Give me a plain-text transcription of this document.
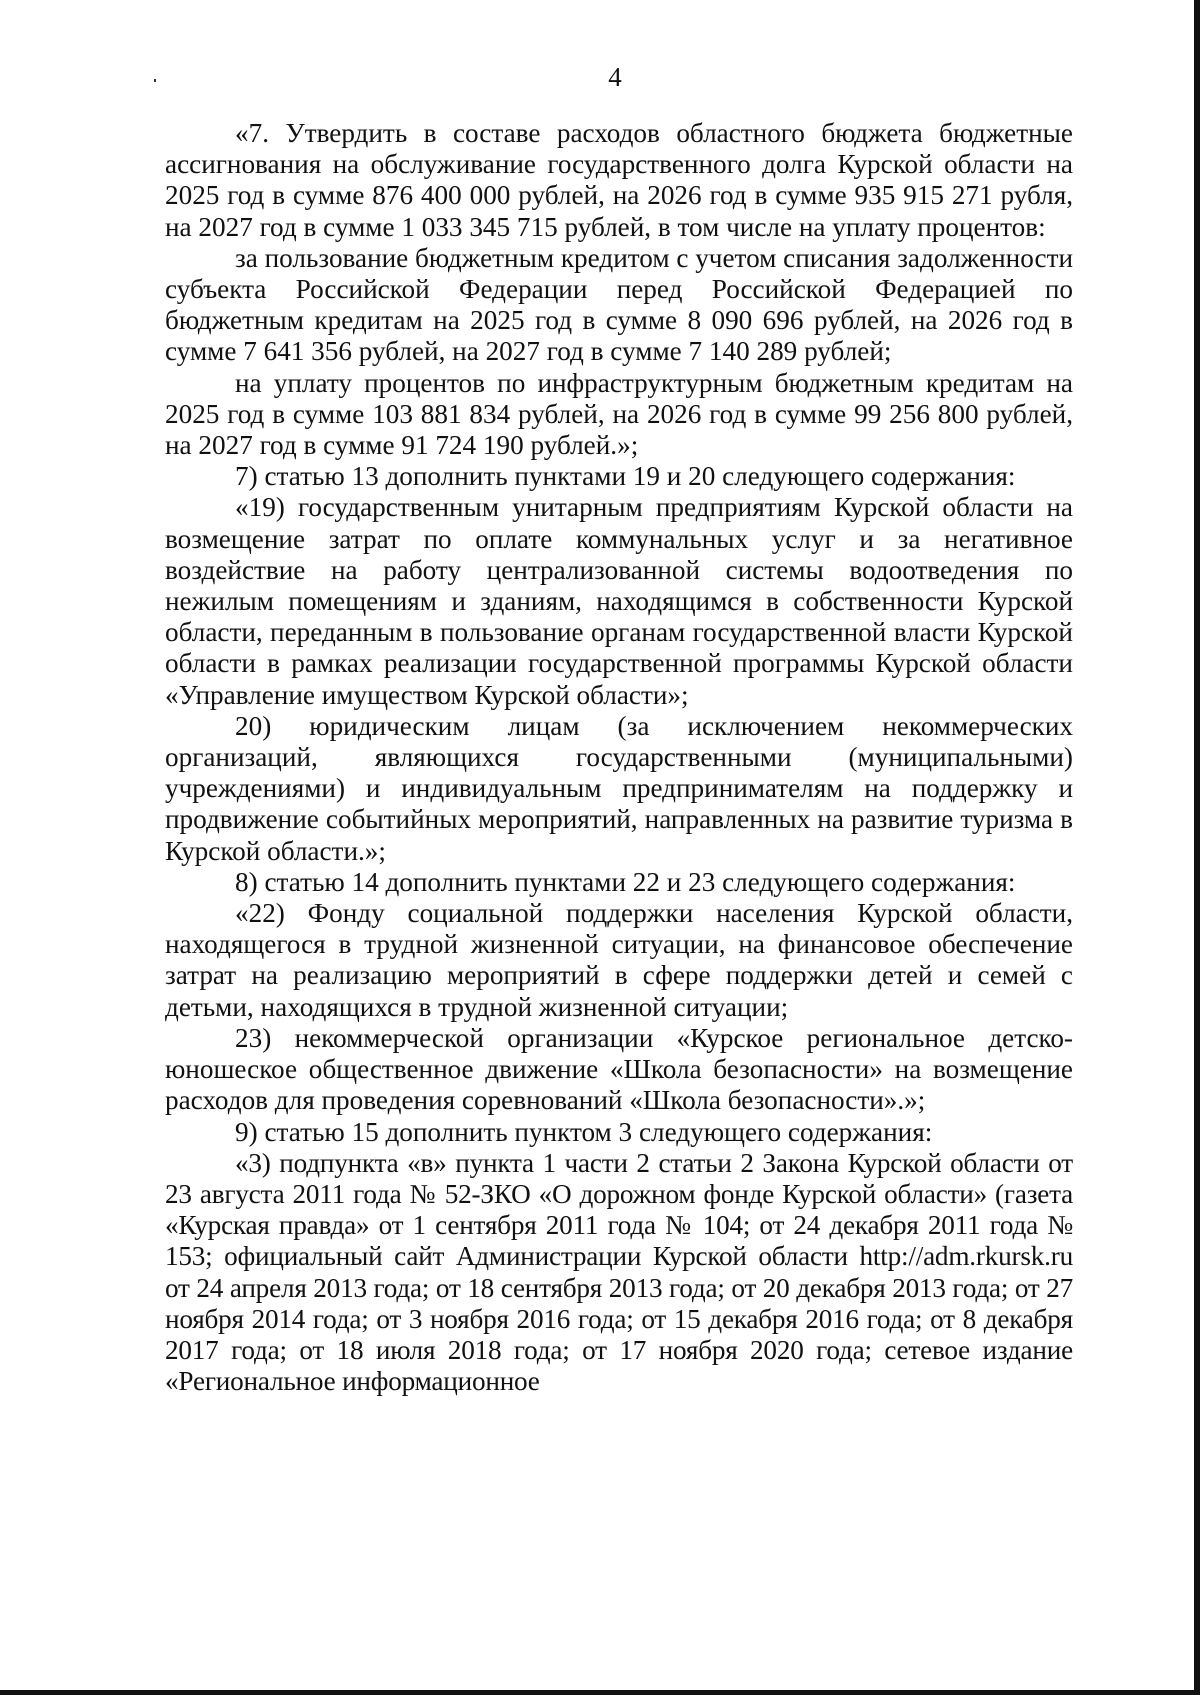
4

«7. Утвердить в составе расходов областного бюджета бюджетные ассигнования на обслуживание государственного долга Курской области на 2025 год в сумме 876 400 000 рублей, на 2026 год в сумме 935 915 271 рубля, на 2027 год в сумме 1 033 345 715 рублей, в том числе на уплату процентов:

за пользование бюджетным кредитом с учетом списания задолженности субъекта Российской Федерации перед Российской Федерацией по бюджетным кредитам на 2025 год в сумме 8 090 696 рублей, на 2026 год в сумме 7 641 356 рублей, на 2027 год в сумме 7 140 289 рублей;

на уплату процентов по инфраструктурным бюджетным кредитам на 2025 год в сумме 103 881 834 рублей, на 2026 год в сумме 99 256 800 рублей, на 2027 год в сумме 91 724 190 рублей.»;

7) статью 13 дополнить пунктами 19 и 20 следующего содержания:

«19) государственным унитарным предприятиям Курской области на возмещение затрат по оплате коммунальных услуг и за негативное воздействие на работу централизованной системы водоотведения по нежилым помещениям и зданиям, находящимся в собственности Курской области, переданным в пользование органам государственной власти Курской области в рамках реализации государственной программы Курской области «Управление имуществом Курской области»;

20) юридическим лицам (за исключением некоммерческих организаций, являющихся государственными (муниципальными) учреждениями) и индивидуальным предпринимателям на поддержку и продвижение событийных мероприятий, направленных на развитие туризма в Курской области.»;

8) статью 14 дополнить пунктами 22 и 23 следующего содержания:

«22) Фонду социальной поддержки населения Курской области, находящегося в трудной жизненной ситуации, на финансовое обеспечение затрат на реализацию мероприятий в сфере поддержки детей и семей с детьми, находящихся в трудной жизненной ситуации;

23) некоммерческой организации «Курское региональное детско-юношеское общественное движение «Школа безопасности» на возмещение расходов для проведения соревнований «Школа безопасности».»;

9) статью 15 дополнить пунктом 3 следующего содержания:

«3) подпункта «в» пункта 1 части 2 статьи 2 Закона Курской области от 23 августа 2011 года № 52-ЗКО «О дорожном фонде Курской области» (газета «Курская правда» от 1 сентября 2011 года № 104; от 24 декабря 2011 года № 153; официальный сайт Администрации Курской области http://adm.rkursk.ru от 24 апреля 2013 года; от 18 сентября 2013 года; от 20 декабря 2013 года; от 27 ноября 2014 года; от 3 ноября 2016 года; от 15 декабря 2016 года; от 8 декабря 2017 года; от 18 июля 2018 года; от 17 ноября 2020 года; сетевое издание «Региональное информационное
